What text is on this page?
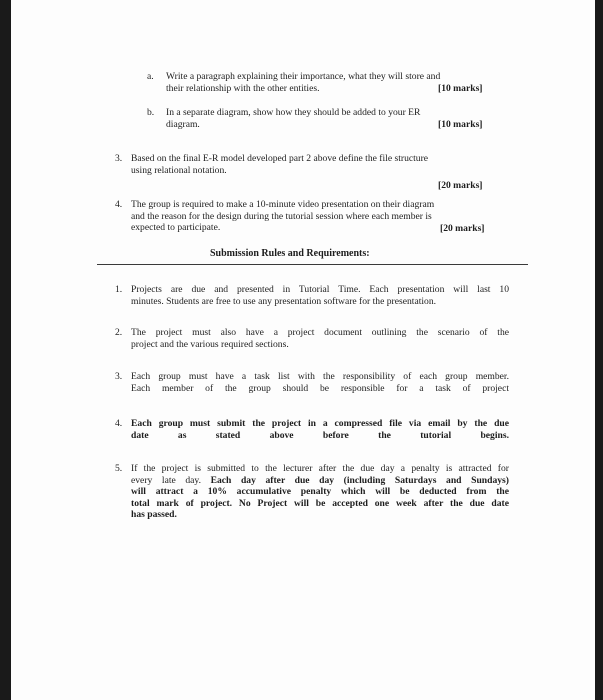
a. Write a paragraph explaining their importance, what they will store and
their relationship with the other entities.	[10 marks]
b. In a separate diagram, show how they should be added to your ER
diagram.	[10 marks]
3. Based on the final E-R model developed part 2 above define the file structure
using relational notation.
[20 marks]
4. The group is required to make a 10-minute video presentation on their diagram
and the reason for the design during the tutorial session where each member is
expected to participate.	[20 marks]
Submission Rules and Requirements:
1. Projects are due and presented in Tutorial Time. Each presentation will last 10
minutes. Students are free to use any presentation software for the presentation.
2. The project must also have a project document outlining the scenario of the
project and the various required sections.
3. Each group must have a task list with the responsibility of each group member.
Each member of the group should be responsible for a task of project
4. Each group must submit the project in a compressed file via email by the due
date as stated above before the tutorial begins.
5. If the project is submitted to the lecturer after the due day a penalty is attracted for
every late day. Each day after due day (including Saturdays and Sundays)
will attract a 10% accumulative penalty which will be deducted from the
total mark of project. No Project will be accepted one week after the due date
has passed.
